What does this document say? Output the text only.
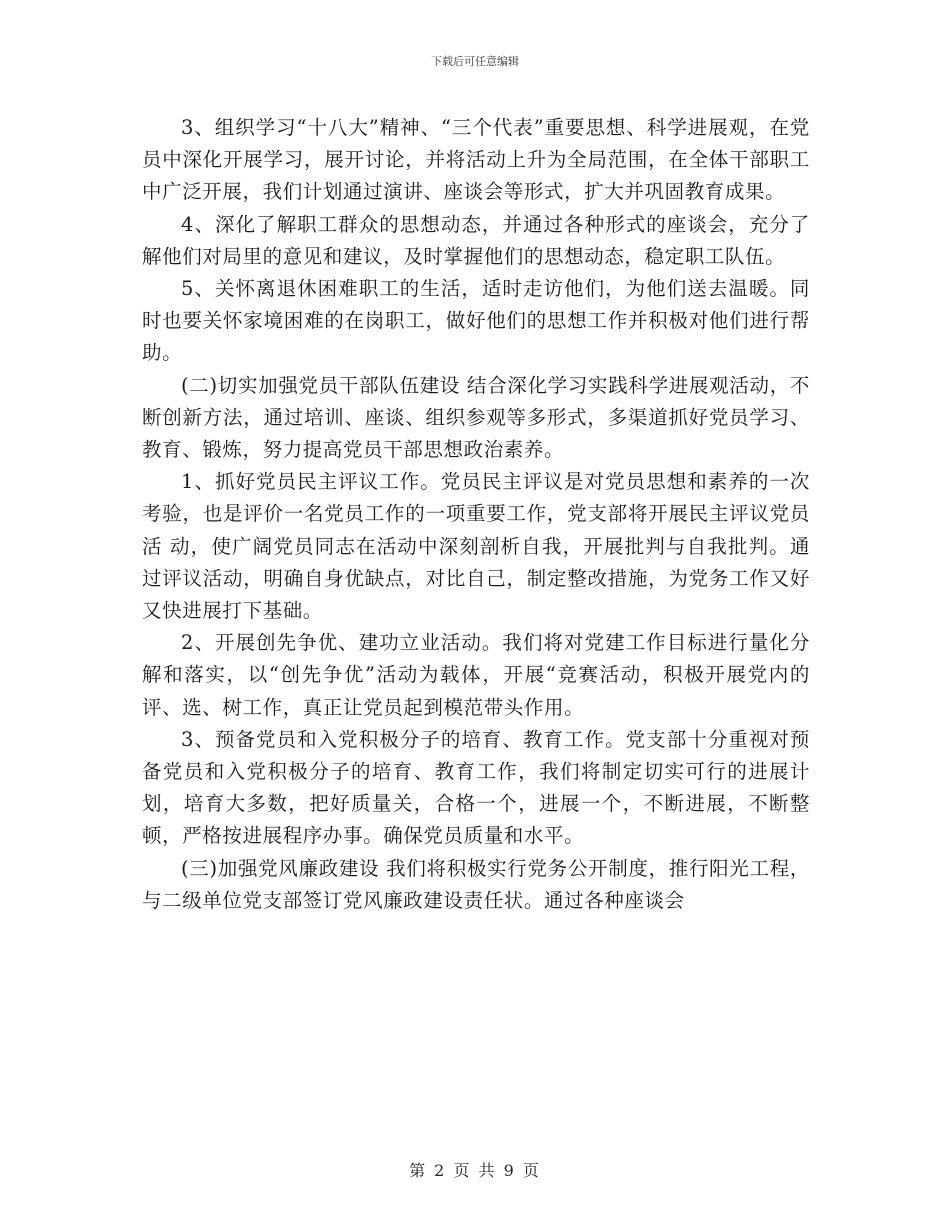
下载后可任意编辑

3、组织学习“十八大”精神、“三个代表”重要思想、科学进展观，在党员中深化开展学习，展开讨论，并将活动上升为全局范围，在全体干部职工中广泛开展，我们计划通过演讲、座谈会等形式，扩大并巩固教育成果。

4、深化了解职工群众的思想动态，并通过各种形式的座谈会，充分了解他们对局里的意见和建议，及时掌握他们的思想动态，稳定职工队伍。

5、关怀离退休困难职工的生活，适时走访他们，为他们送去温暖。同时也要关怀家境困难的在岗职工，做好他们的思想工作并积极对他们进行帮助。

(二)切实加强党员干部队伍建设 结合深化学习实践科学进展观活动，不断创新方法，通过培训、座谈、组织参观等多形式，多渠道抓好党员学习、教育、锻炼，努力提高党员干部思想政治素养。

1、抓好党员民主评议工作。党员民主评议是对党员思想和素养的一次考验，也是评价一名党员工作的一项重要工作，党支部将开展民主评议党员活 动，使广阔党员同志在活动中深刻剖析自我，开展批判与自我批判。通过评议活动，明确自身优缺点，对比自己，制定整改措施，为党务工作又好又快进展打下基础。

2、开展创先争优、建功立业活动。我们将对党建工作目标进行量化分解和落实，以“创先争优”活动为载体，开展“竞赛活动，积极开展党内的评、选、树工作，真正让党员起到模范带头作用。

3、预备党员和入党积极分子的培育、教育工作。党支部十分重视对预备党员和入党积极分子的培育、教育工作，我们将制定切实可行的进展计划，培育大多数，把好质量关，合格一个，进展一个，不断进展，不断整顿，严格按进展程序办事。确保党员质量和水平。

(三)加强党风廉政建设 我们将积极实行党务公开制度，推行阳光工程，与二级单位党支部签订党风廉政建设责任状。通过各种座谈会

第 2 页 共 9 页
